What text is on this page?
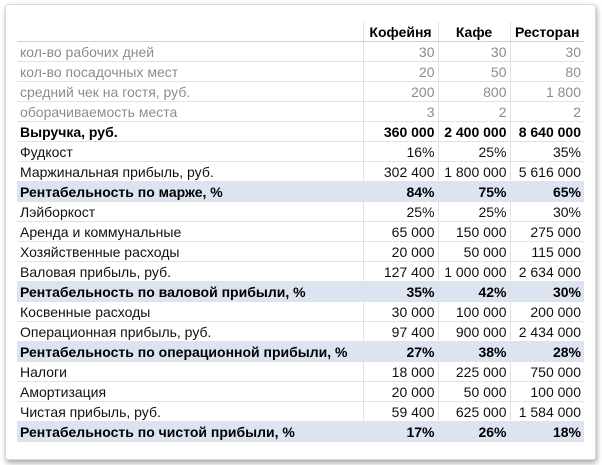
	Кофейня	Кафе	Ресторан
кол-во рабочих дней	30	30	30
кол-во посадочных мест	20	50	80
средний чек на гостя, руб.	200	800	1 800
оборачиваемость места	3	2	2
Выручка, руб.	360 000	2 400 000	8 640 000
Фудкост	16%	25%	35%
Маржинальная прибыль, руб.	302 400	1 800 000	5 616 000
Рентабельность по марже, %	84%	75%	65%
Лэйборкост	25%	25%	30%
Аренда и коммунальные	65 000	150 000	275 000
Хозяйственные расходы	20 000	50 000	115 000
Валовая прибыль, руб.	127 400	1 000 000	2 634 000
Рентабельность по валовой прибыли, %	35%	42%	30%
Косвенные расходы	30 000	100 000	200 000
Операционная прибыль, руб.	97 400	900 000	2 434 000
Рентабельность по операционной прибыли, %	27%	38%	28%
Налоги	18 000	225 000	750 000
Амортизация	20 000	50 000	100 000
Чистая прибыль, руб.	59 400	625 000	1 584 000
Рентабельность по чистой прибыли, %	17%	26%	18%
